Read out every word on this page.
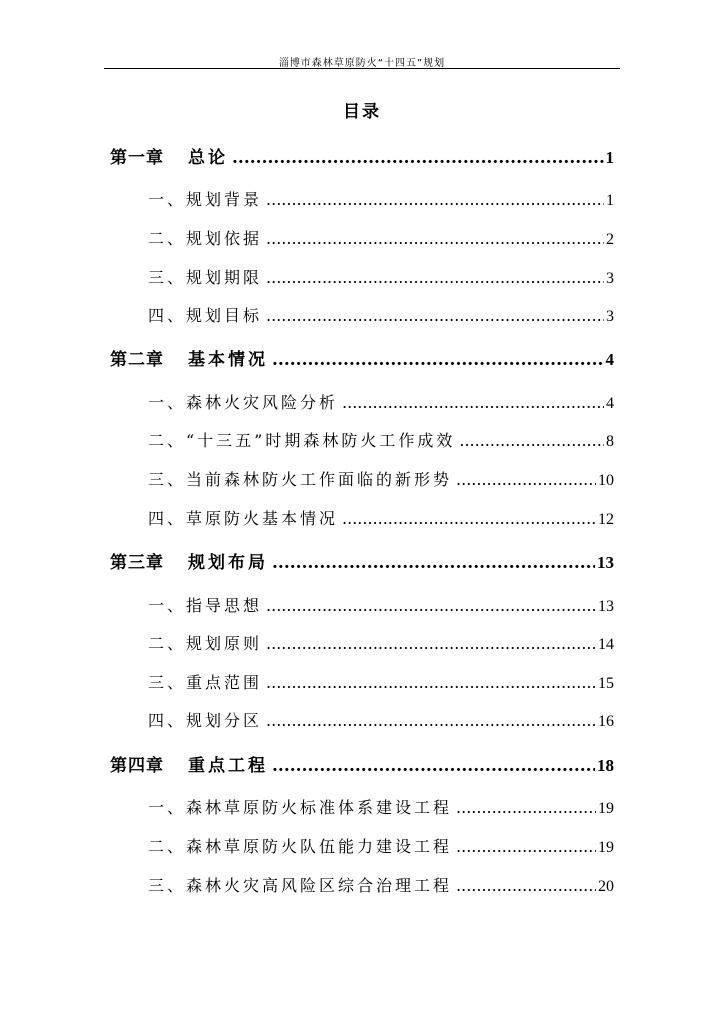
淄博市森林草原防火“十四五”规划
目录
第一章	总论 .....	1
一、规划背景 .....	1
二、规划依据 .....	2
三、规划期限 .....	3
四、规划目标 .....	3
第二章	基本情况 .....	4
一、森林火灾风险分析 .....	4
二、“十三五”时期森林防火工作成效 .....	8
三、当前森林防火工作面临的新形势 .....	10
四、草原防火基本情况 .....	12
第三章	规划布局 .....	13
一、指导思想 .....	13
二、规划原则 .....	14
三、重点范围 .....	15
四、规划分区 .....	16
第四章	重点工程 .....	18
一、森林草原防火标准体系建设工程 .....	19
二、森林草原防火队伍能力建设工程 .....	19
三、森林火灾高风险区综合治理工程 .....	20
